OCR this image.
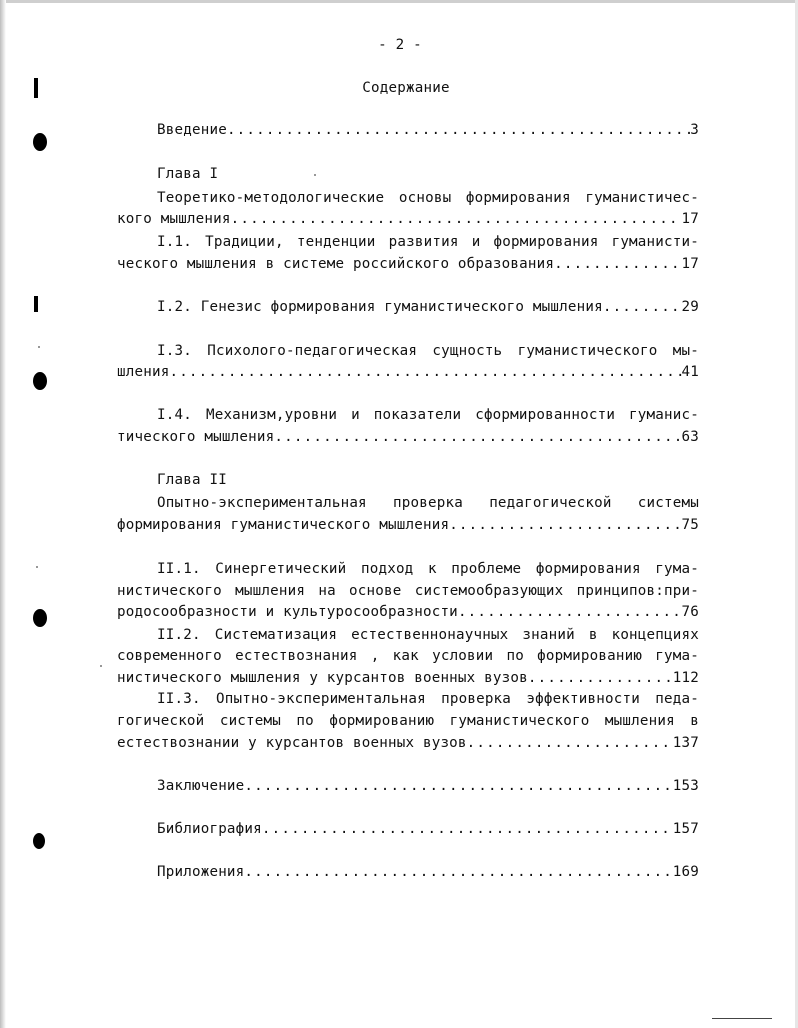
- 2 -
Содержание
Введение .....	3
Глава I
Теоретико-методологические основы формирования гуманистичес-
кого мышления .....	17
I.1. Традиции, тенденции развития и формирования гуманисти-
ческого мышления в системе российского образования .....	17
I.2. Генезис формирования гуманистического мышления .....	29
I.3. Психолого-педагогическая сущность гуманистического мы-
шления .....	41
I.4. Механизм,уровни и показатели сформированности гуманис-
тического мышления .....	63
Глава II
Опытно-экспериментальная проверка педагогической системы
формирования гуманистического мышления .....	75
II.1. Синергетический подход к проблеме формирования гума-
нистического мышления на основе системообразующих принципов:при-
родосообразности и культуросообразности .....	76
II.2. Систематизация естественнонаучных знаний в концепциях
современного естествознания , как условии по формированию гума-
нистического мышления у курсантов военных вузов .....	112
II.3. Опытно-экспериментальная проверка эффективности педа-
гогической системы по формированию гуманистического мышления в
естествознании у курсантов военных вузов .....	137
Заключение .....	153
Библиография .....	157
Приложения .....	169
